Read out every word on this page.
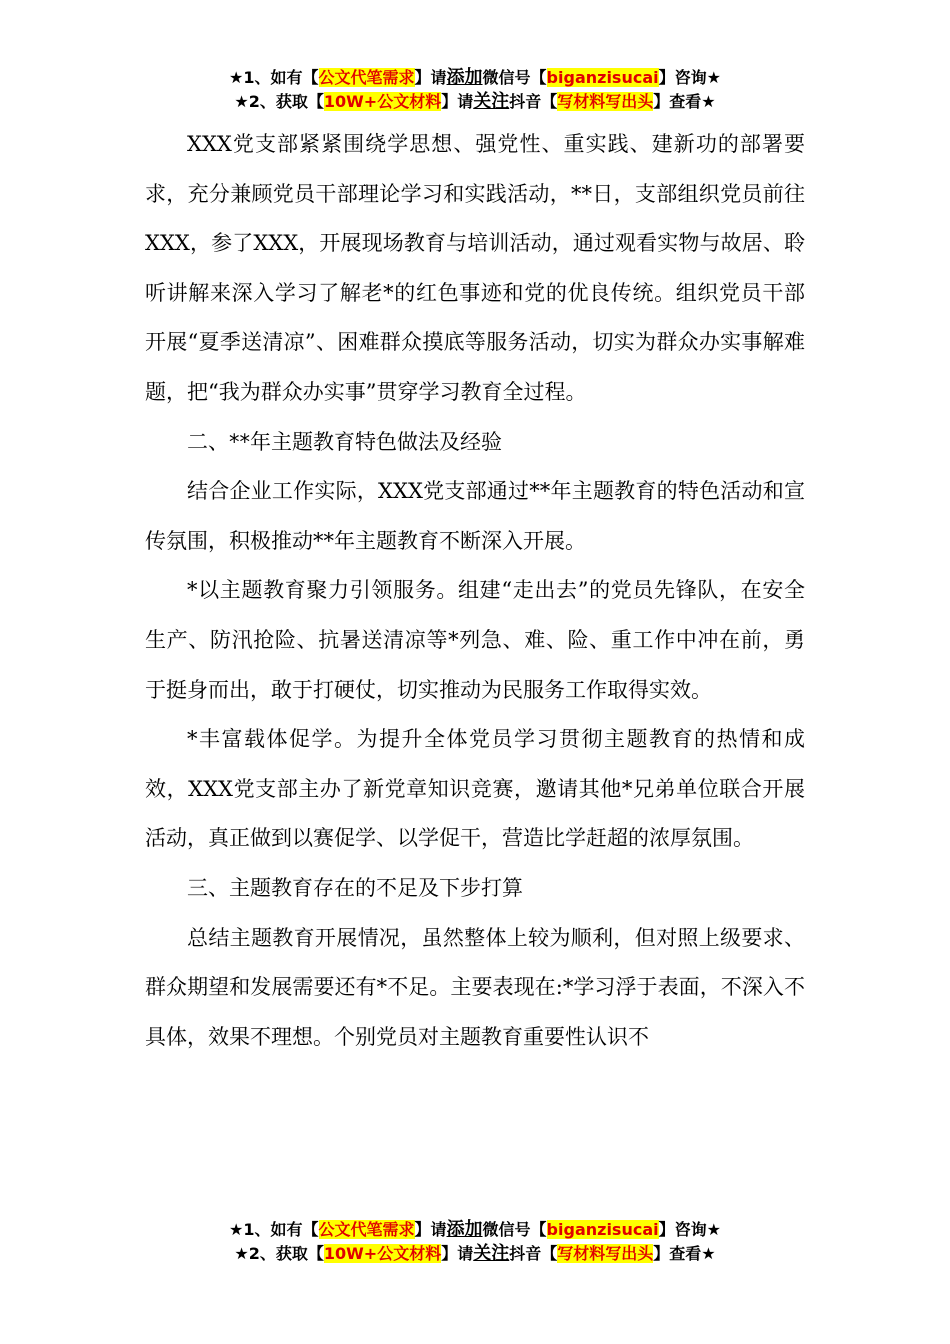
★1、如有【公文代笔需求】请添加微信号【biganzisucai】咨询★
★2、获取【10W+公文材料】请关注抖音【写材料写出头】查看★

XXX党支部紧紧围绕学思想、强党性、重实践、建新功的部署要求，充分兼顾党员干部理论学习和实践活动，**日，支部组织党员前往XXX，参了XXX，开展现场教育与培训活动，通过观看实物与故居、聆听讲解来深入学习了解老*的红色事迹和党的优良传统。组织党员干部开展“夏季送清凉”、困难群众摸底等服务活动，切实为群众办实事解难题，把“我为群众办实事”贯穿学习教育全过程。

二、**年主题教育特色做法及经验

结合企业工作实际，XXX党支部通过**年主题教育的特色活动和宣传氛围，积极推动**年主题教育不断深入开展。

*以主题教育聚力引领服务。组建“走出去”的党员先锋队，在安全生产、防汛抢险、抗暑送清凉等*列急、难、险、重工作中冲在前，勇于挺身而出，敢于打硬仗，切实推动为民服务工作取得实效。

*丰富载体促学。为提升全体党员学习贯彻主题教育的热情和成效，XXX党支部主办了新党章知识竞赛，邀请其他*兄弟单位联合开展活动，真正做到以赛促学、以学促干，营造比学赶超的浓厚氛围。

三、主题教育存在的不足及下步打算

总结主题教育开展情况，虽然整体上较为顺利，但对照上级要求、群众期望和发展需要还有*不足。主要表现在:*学习浮于表面，不深入不具体，效果不理想。个别党员对主题教育重要性认识不

★1、如有【公文代笔需求】请添加微信号【biganzisucai】咨询★
★2、获取【10W+公文材料】请关注抖音【写材料写出头】查看★
